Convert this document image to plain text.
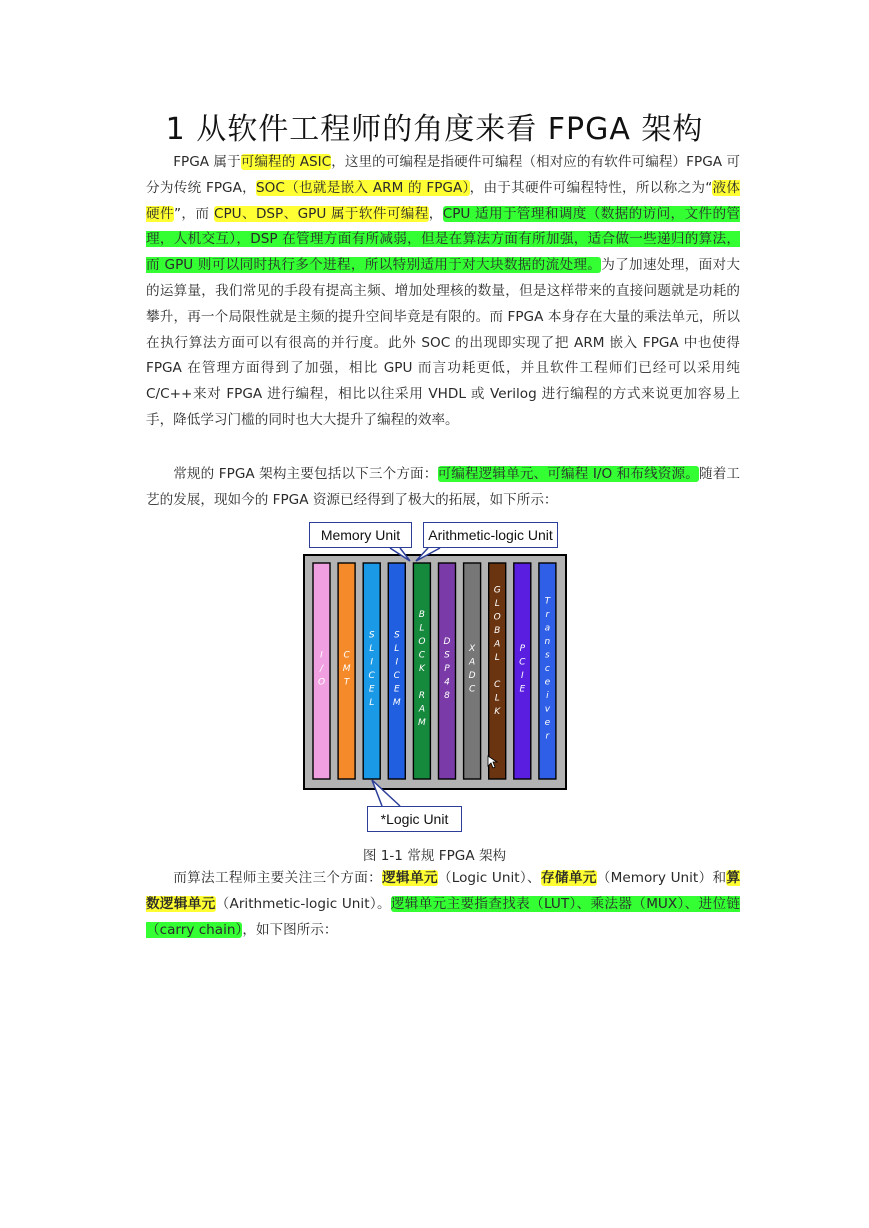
1 从软件工程师的角度来看 FPGA 架构

FPGA 属于可编程的 ASIC，这里的可编程是指硬件可编程（相对应的有软件可编程）FPGA 可分为传统 FPGA，SOC（也就是嵌入 ARM 的 FPGA），由于其硬件可编程特性，所以称之为“液体硬件”，而 CPU、DSP、GPU 属于软件可编程，CPU 适用于管理和调度（数据的访问，文件的管理，人机交互），DSP 在管理方面有所减弱，但是在算法方面有所加强，适合做一些递归的算法，而 GPU 则可以同时执行多个进程，所以特别适用于对大块数据的流处理。为了加速处理，面对大的运算量，我们常见的手段有提高主频、增加处理核的数量，但是这样带来的直接问题就是功耗的攀升，再一个局限性就是主频的提升空间毕竟是有限的。而 FPGA 本身存在大量的乘法单元，所以在执行算法方面可以有很高的并行度。此外 SOC 的出现即实现了把 ARM 嵌入 FPGA 中也使得 FPGA 在管理方面得到了加强，相比 GPU 而言功耗更低，并且软件工程师们已经可以采用纯 C/C++来对 FPGA 进行编程，相比以往采用 VHDL 或 Verilog 进行编程的方式来说更加容易上手，降低学习门槛的同时也大大提升了编程的效率。

常规的 FPGA 架构主要包括以下三个方面：可编程逻辑单元、可编程 I/O 和布线资源。随着工艺的发展，现如今的 FPGA 资源已经得到了极大的拓展，如下所示：

I / O
C M T
S L I C E L
S L I C E M
B L O C K R A M
D S P 4 8
X A D C
G L O B A L C L K
P C I E
T r a n s c e i v e r
Memory Unit	Arithmetic-logic Unit
*Logic Unit

图 1-1 常规 FPGA 架构

而算法工程师主要关注三个方面：逻辑单元（Logic Unit）、存储单元（Memory Unit）和算数逻辑单元（Arithmetic-logic Unit）。逻辑单元主要指查找表（LUT）、乘法器（MUX）、进位链（carry chain），如下图所示：
